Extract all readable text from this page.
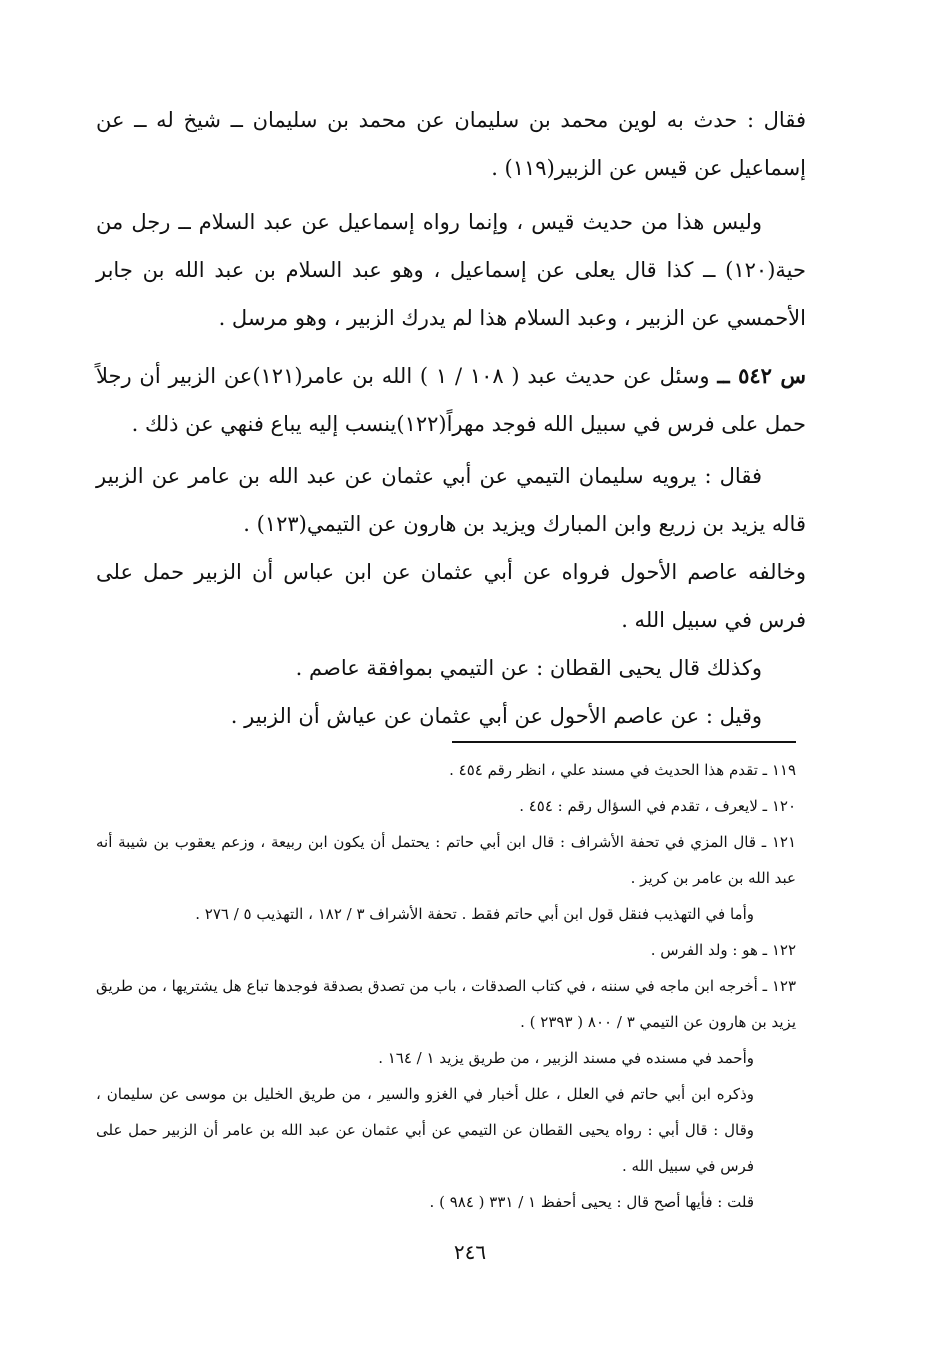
فقال : حدث به لوين محمد بن سليمان عن محمد بن سليمان ــ شيخ له ــ عن إسماعيل عن قيس عن الزبير(١١٩) .

وليس هذا من حديث قيس ، وإنما رواه إسماعيل عن عبد السلام ــ رجل من حية(١٢٠) ــ كذا قال يعلى عن إسماعيل ، وهو عبد السلام بن عبد الله بن جابر الأحمسي عن الزبير ، وعبد السلام هذا لم يدرك الزبير ، وهو مرسل .

س ٥٤٢ ــ وسئل عن حديث عبد ( ١٠٨ / ١ ) الله بن عامر(١٢١)عن الزبير أن رجلاً حمل على فرس في سبيل الله فوجد مهراً(١٢٢)ينسب إليه يباع فنهي عن ذلك .

فقال : يرويه سليمان التيمي عن أبي عثمان عن عبد الله بن عامر عن الزبير قاله يزيد بن زريع وابن المبارك ويزيد بن هارون عن التيمي(١٢٣) .

وخالفه عاصم الأحول فرواه عن أبي عثمان عن ابن عباس أن الزبير حمل على فرس في سبيل الله .

وكذلك قال يحيى القطان : عن التيمي بموافقة عاصم .

وقيل : عن عاصم الأحول عن أبي عثمان عن عياش أن الزبير .

١١٩ ـ تقدم هذا الحديث في مسند علي ، انظر رقم ٤٥٤ .

١٢٠ ـ لايعرف ، تقدم في السؤال رقم : ٤٥٤ .

١٢١ ـ قال المزي في تحفة الأشراف : قال ابن أبي حاتم : يحتمل أن يكون ابن ربيعة ، وزعم يعقوب بن شيبة أنه عبد الله بن عامر بن كريز .

وأما في التهذيب فنقل قول ابن أبي حاتم فقط . تحفة الأشراف ٣ / ١٨٢ ، التهذيب ٥ / ٢٧٦ .

١٢٢ ـ هو : ولد الفرس .

١٢٣ ـ أخرجه ابن ماجه في سننه ، في كتاب الصدقات ، باب من تصدق بصدقة فوجدها تباع هل يشتريها ، من طريق يزيد بن هارون عن التيمي ٣ / ٨٠٠ ( ٢٣٩٣ ) .

وأحمد في مسنده في مسند الزبير ، من طريق يزيد ١ / ١٦٤ .

وذكره ابن أبي حاتم في العلل ، علل أخبار في الغزو والسير ، من طريق الخليل بن موسى عن سليمان ، وقال : قال أبي : رواه يحيى القطان عن التيمي عن أبي عثمان عن عبد الله بن عامر أن الزبير حمل على فرس في سبيل الله .

قلت : فأيها أصح قال : يحيى أحفظ ١ / ٣٣١ ( ٩٨٤ ) .

٢٤٦
